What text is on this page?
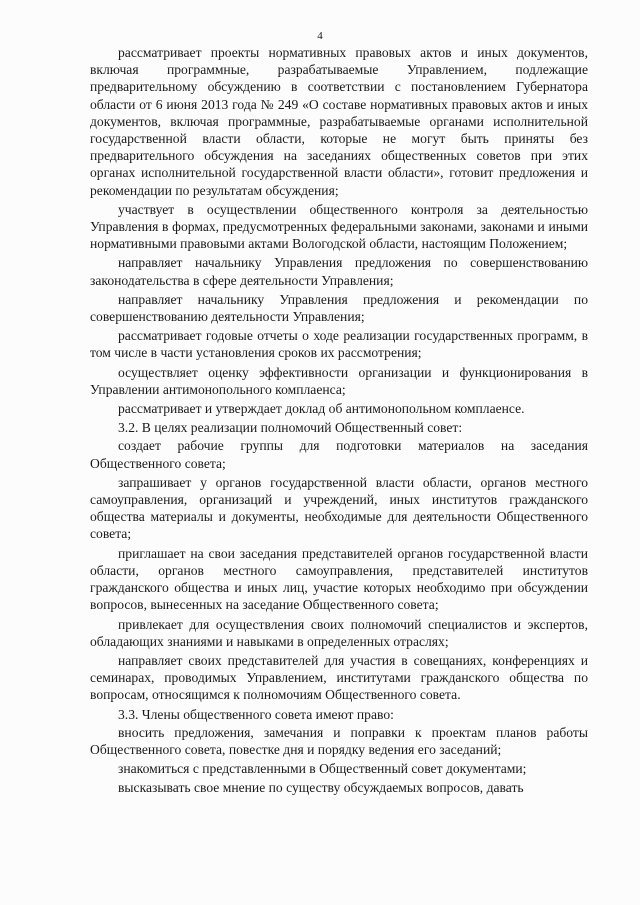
4

рассматривает проекты нормативных правовых актов и иных документов, включая программные, разрабатываемые Управлением, подлежащие предварительному обсуждению в соответствии с постановлением Губернатора области от 6 июня 2013 года № 249 «О составе нормативных правовых актов и иных документов, включая программные, разрабатываемые органами исполнительной государственной власти области, которые не могут быть приняты без предварительного обсуждения на заседаниях общественных советов при этих органах исполнительной государственной власти области», готовит предложения и рекомендации по результатам обсуждения;

участвует в осуществлении общественного контроля за деятельностью Управления в формах, предусмотренных федеральными законами, законами и иными нормативными правовыми актами Вологодской области, настоящим Положением;

направляет начальнику Управления предложения по совершенствованию законодательства в сфере деятельности Управления;

направляет начальнику Управления предложения и рекомендации по совершенствованию деятельности Управления;

рассматривает годовые отчеты о ходе реализации государственных программ, в том числе в части установления сроков их рассмотрения;

осуществляет оценку эффективности организации и функционирования в Управлении антимонопольного комплаенса;

рассматривает и утверждает доклад об антимонопольном комплаенсе.

3.2. В целях реализации полномочий Общественный совет:

создает рабочие группы для подготовки материалов на заседания Общественного совета;

запрашивает у органов государственной власти области, органов местного самоуправления, организаций и учреждений, иных институтов гражданского общества материалы и документы, необходимые для деятельности Общественного совета;

приглашает на свои заседания представителей органов государственной власти области, органов местного самоуправления, представителей институтов гражданского общества и иных лиц, участие которых необходимо при обсуждении вопросов, вынесенных на заседание Общественного совета;

привлекает для осуществления своих полномочий специалистов и экспертов, обладающих знаниями и навыками в определенных отраслях;

направляет своих представителей для участия в совещаниях, конференциях и семинарах, проводимых Управлением, институтами гражданского общества по вопросам, относящимся к полномочиям Общественного совета.

3.3. Члены общественного совета имеют право:

вносить предложения, замечания и поправки к проектам планов работы Общественного совета, повестке дня и порядку ведения его заседаний;

знакомиться с представленными в Общественный совет документами;

высказывать свое мнение по существу обсуждаемых вопросов, давать
